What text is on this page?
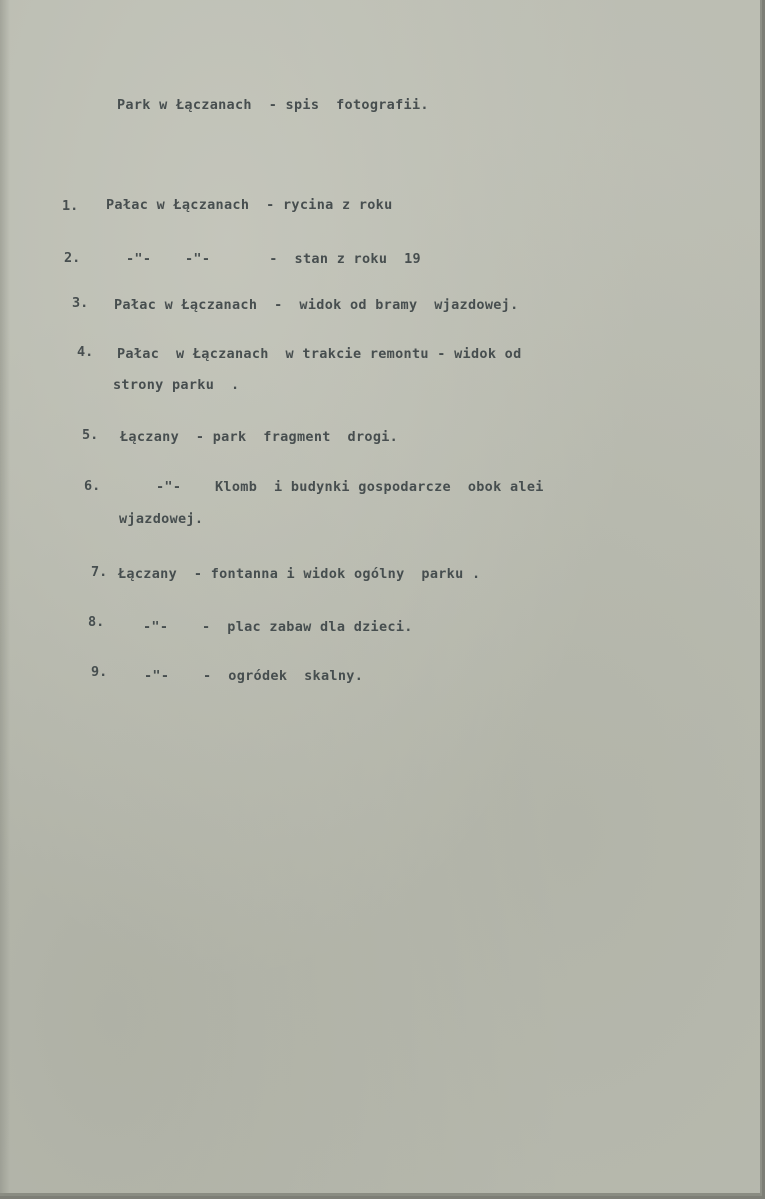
Park w Łączanach  - spis  fotografii.
1. Pałac w Łączanach  - rycina z roku
2.	-"-    -"-       -  stan z roku  19
3. Pałac w Łączanach  -  widok od bramy  wjazdowej.
4. Pałac  w Łączanach  w trakcie remontu - widok od
strony parku  .
5. Łączany  - park  fragment  drogi.
6.	-"-    Klomb  i budynki gospodarcze  obok alei
wjazdowej.
7. Łączany  - fontanna i widok ogólny  parku .
8.	-"-    -  plac zabaw dla dzieci.
9.	-"-    -  ogródek  skalny.
